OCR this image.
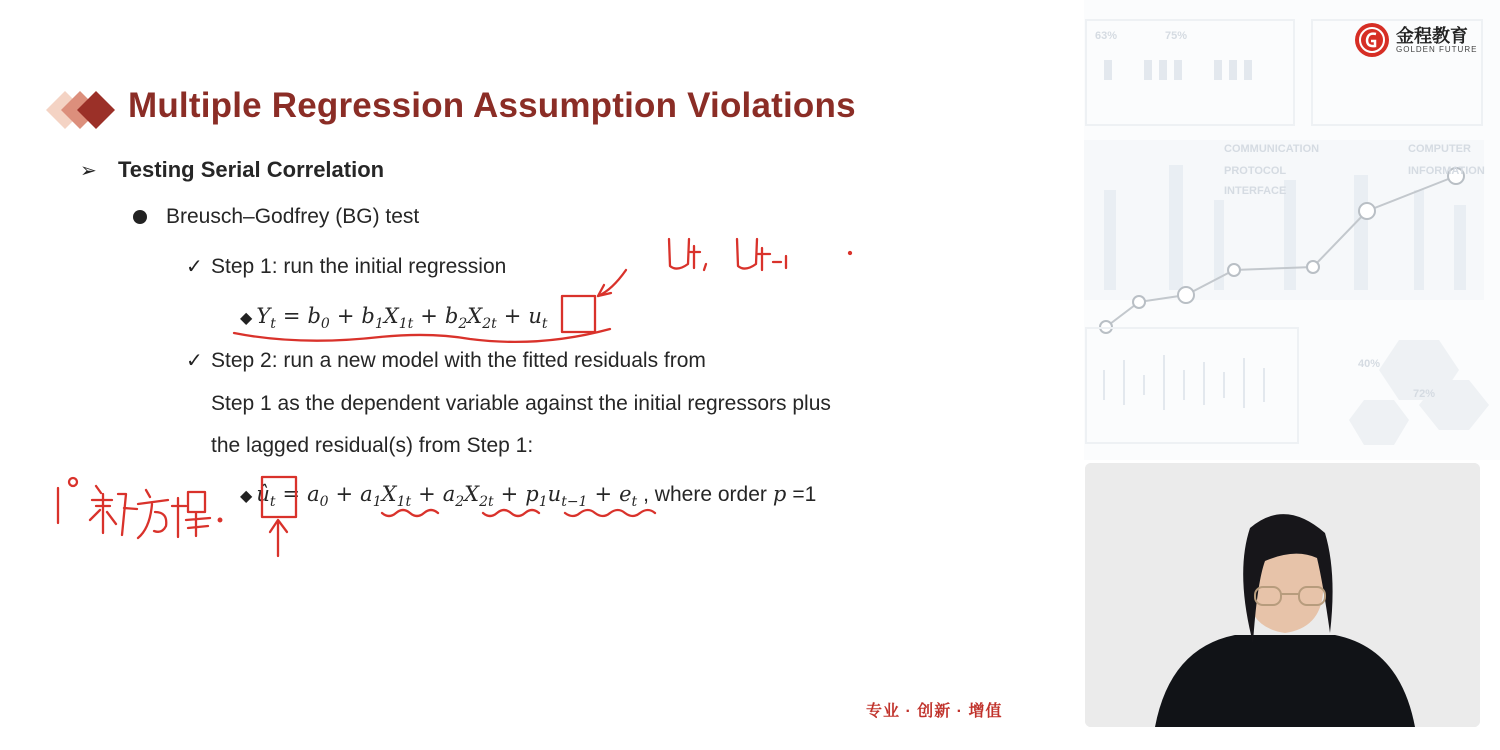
Multiple Regression Assumption Violations
➢ Testing Serial Correlation
Breusch–Godfrey (BG) test
✓ Step 1: run the initial regression
◆ $Y_t = b_0 + b_1X_{1t} + b_2X_{2t} + u_t$
✓ Step 2: run a new model with the fitted residuals from
Step 1 as the dependent variable against the initial regressors plus
the lagged residual(s) from Step 1:
◆ $û_t = a_0 + a_1X_{1t} + a_2X_{2t} + p_1u_{t-1} + e_t$ , where order p =1
专业 · 创新 · 增值
COMMUNICATION
PROTOCOL
INTERFACE
COMPUTER
INFORMATION
75%
63%
40%
72%
金程教育
GOLDEN FUTURE
